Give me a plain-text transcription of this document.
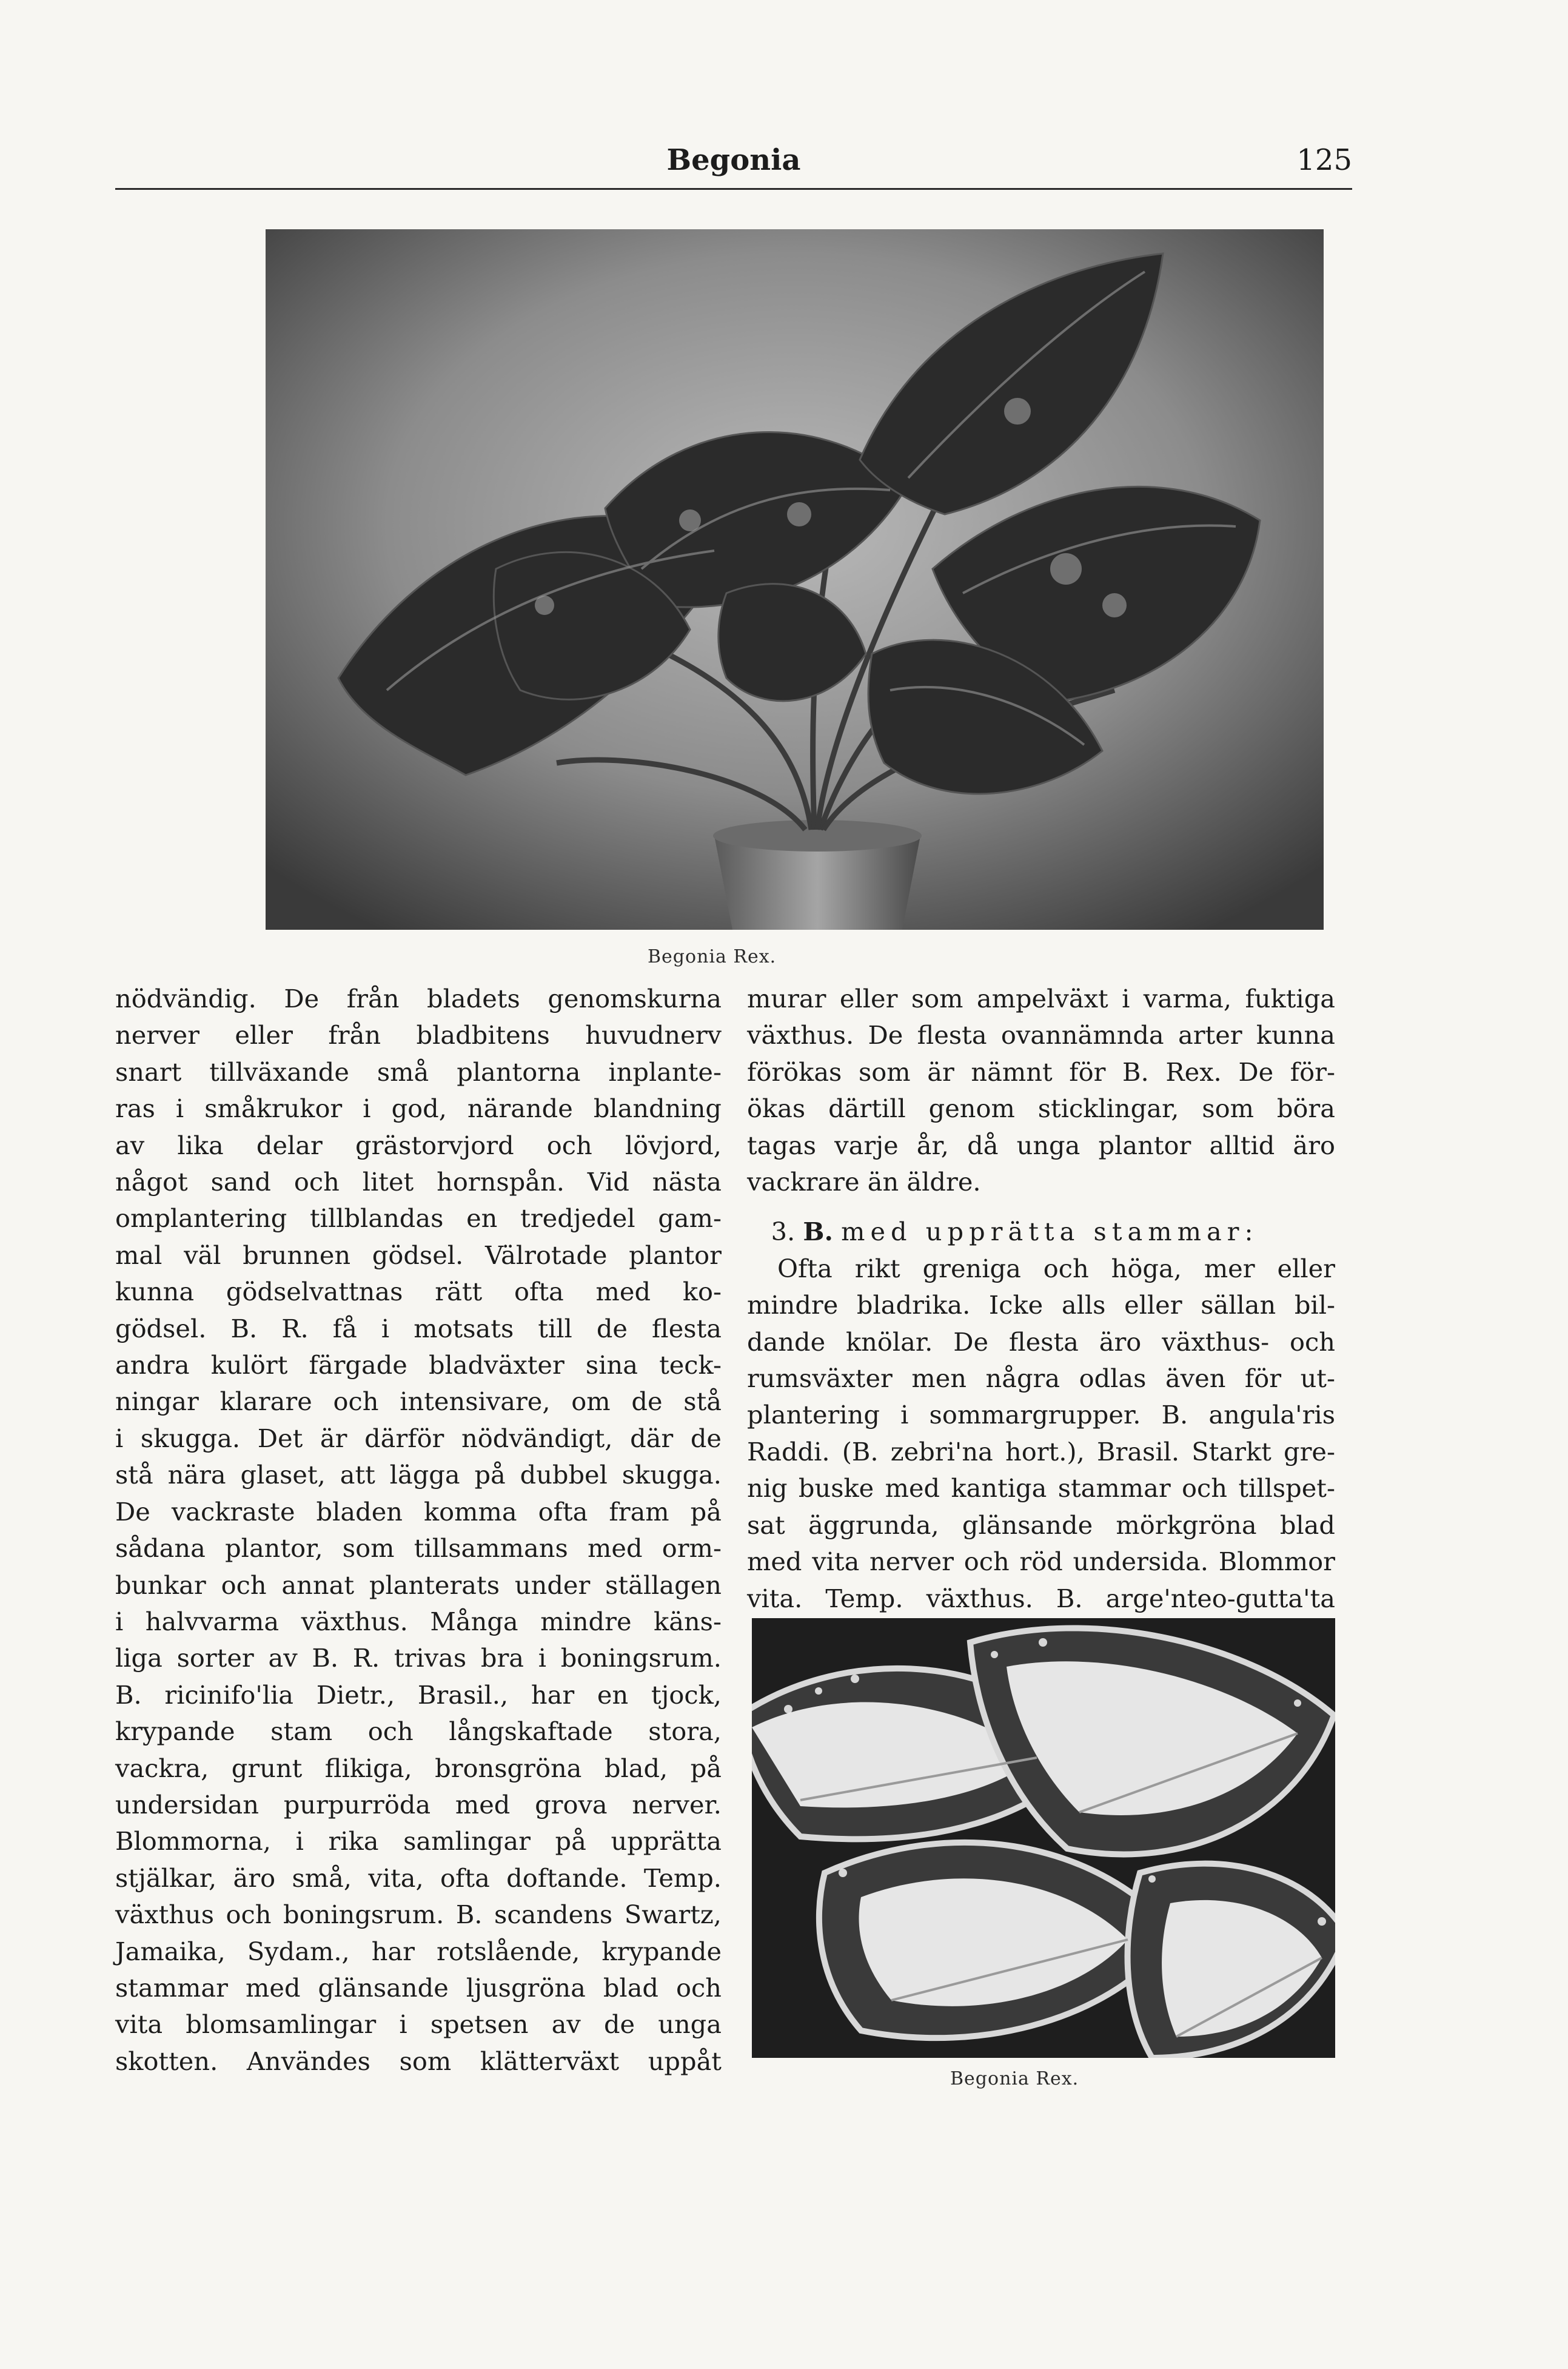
Begonia	125
Begonia Rex.

nödvändig. De från bladets genomskurna

nerver eller från bladbitens huvudnerv

snart tillväxande små plantorna inplante-

ras i småkrukor i god, närande blandning

av lika delar grästorvjord och lövjord,

något sand och litet hornspån. Vid nästa

omplantering tillblandas en tredjedel gam-

mal väl brunnen gödsel. Välrotade plantor

kunna gödselvattnas rätt ofta med ko-

gödsel. B. R. få i motsats till de flesta

andra kulört färgade bladväxter sina teck-

ningar klarare och intensivare, om de stå

i skugga. Det är därför nödvändigt, där de

stå nära glaset, att lägga på dubbel skugga.

De vackraste bladen komma ofta fram på

sådana plantor, som tillsammans med orm-

bunkar och annat planterats under ställagen

i halvvarma växthus. Många mindre käns-

liga sorter av B. R. trivas bra i boningsrum.

B. ricinifo'lia Dietr., Brasil., har en tjock,

krypande stam och långskaftade stora,

vackra, grunt flikiga, bronsgröna blad, på

undersidan purpurröda med grova nerver.

Blommorna, i rika samlingar på upprätta

stjälkar, äro små, vita, ofta doftande. Temp.

växthus och boningsrum. B. scandens Swartz,

Jamaika, Sydam., har rotslående, krypande

stammar med glänsande ljusgröna blad och

vita blomsamlingar i spetsen av de unga

skotten. Användes som klätterväxt uppåt

murar eller som ampelväxt i varma, fuktiga

växthus. De flesta ovannämnda arter kunna

förökas som är nämnt för B. Rex. De för-

ökas därtill genom sticklingar, som böra

tagas varje år, då unga plantor alltid äro

vackrare än äldre.

3. B. med upprätta stammar:

Ofta rikt greniga och höga, mer eller

mindre bladrika. Icke alls eller sällan bil-

dande knölar. De flesta äro växthus- och

rumsväxter men några odlas även för ut-

plantering i sommargrupper. B. angula'ris

Raddi. (B. zebri'na hort.), Brasil. Starkt gre-

nig buske med kantiga stammar och tillspet-

sat äggrunda, glänsande mörkgröna blad

med vita nerver och röd undersida. Blommor

vita. Temp. växthus. B. arge'nteo-gutta'ta

Begonia Rex.
